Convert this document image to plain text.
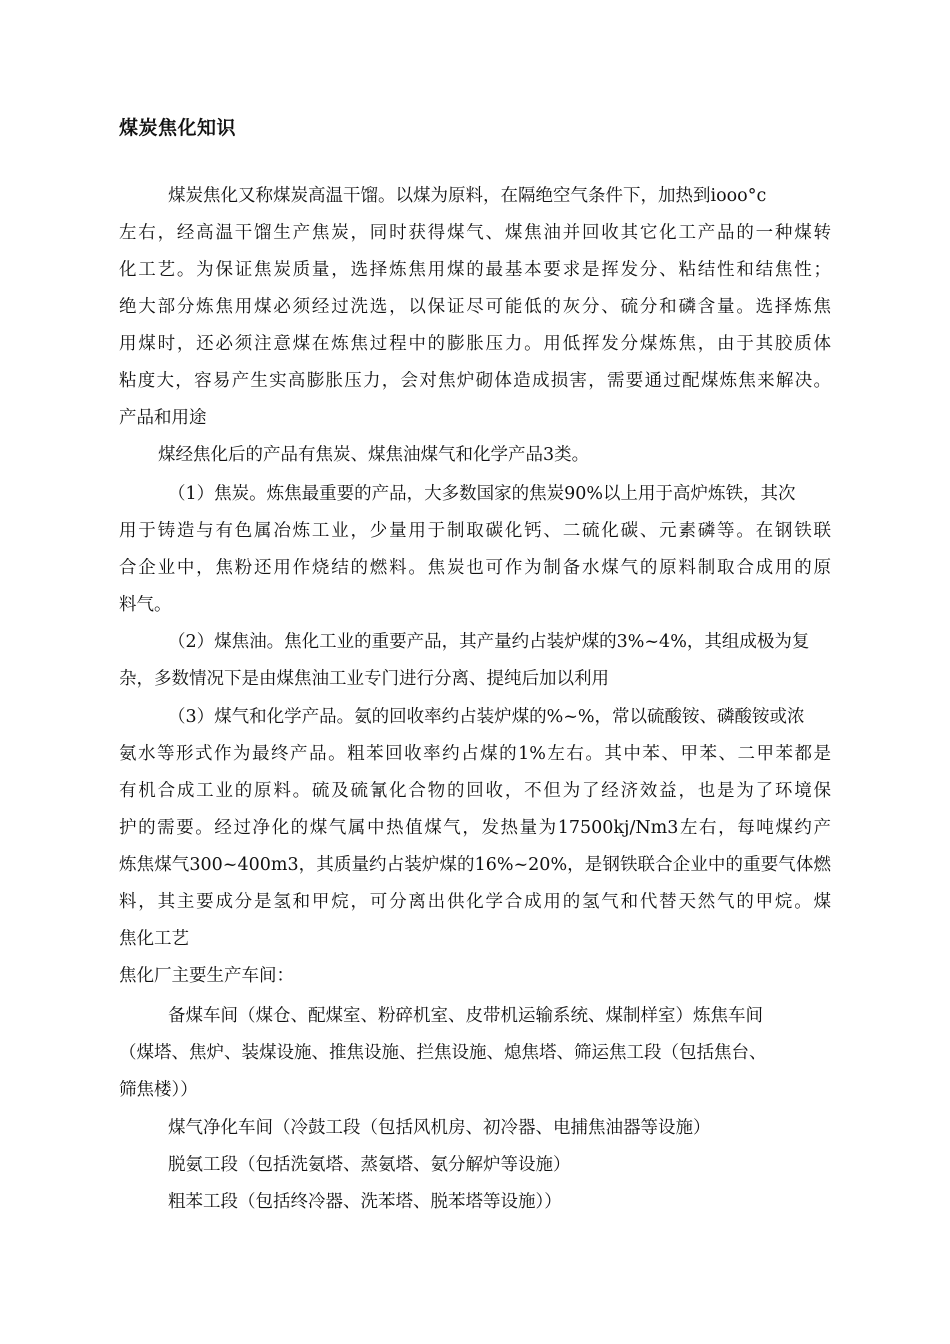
煤炭焦化知识
煤炭焦化又称煤炭高温干馏。以煤为原料，在隔绝空气条件下，加热到iooo°c
左右，经高温干馏生产焦炭，同时获得煤气、煤焦油并回收其它化工产品的一种煤转
化工艺。为保证焦炭质量，选择炼焦用煤的最基本要求是挥发分、粘结性和结焦性；
绝大部分炼焦用煤必须经过洗选，以保证尽可能低的灰分、硫分和磷含量。选择炼焦
用煤时，还必须注意煤在炼焦过程中的膨胀压力。用低挥发分煤炼焦，由于其胶质体
粘度大，容易产生实高膨胀压力，会对焦炉砌体造成损害，需要通过配煤炼焦来解决。
产品和用途
煤经焦化后的产品有焦炭、煤焦油煤气和化学产品3类。
（1）焦炭。炼焦最重要的产品，大多数国家的焦炭90%以上用于高炉炼铁，其次
用于铸造与有色属冶炼工业，少量用于制取碳化钙、二硫化碳、元素磷等。在钢铁联
合企业中，焦粉还用作烧结的燃料。焦炭也可作为制备水煤气的原料制取合成用的原
料气。
（2）煤焦油。焦化工业的重要产品，其产量约占装炉煤的3%~4%，其组成极为复
杂，多数情况下是由煤焦油工业专门进行分离、提纯后加以利用
（3）煤气和化学产品。氨的回收率约占装炉煤的%~%，常以硫酸铵、磷酸铵或浓
氨水等形式作为最终产品。粗苯回收率约占煤的1%左右。其中苯、甲苯、二甲苯都是
有机合成工业的原料。硫及硫氰化合物的回收，不但为了经济效益，也是为了环境保
护的需要。经过净化的煤气属中热值煤气，发热量为17500kj/Nm3左右，每吨煤约产
炼焦煤气300~400m3，其质量约占装炉煤的16%~20%，是钢铁联合企业中的重要气体燃
料，其主要成分是氢和甲烷，可分离出供化学合成用的氢气和代替天然气的甲烷。煤
焦化工艺
焦化厂主要生产车间：
备煤车间（煤仓、配煤室、粉碎机室、皮带机运输系统、煤制样室）炼焦车间
（煤塔、焦炉、装煤设施、推焦设施、拦焦设施、熄焦塔、筛运焦工段（包括焦台、
筛焦楼））
煤气净化车间（冷鼓工段（包括风机房、初冷器、电捕焦油器等设施）
脱氨工段（包括洗氨塔、蒸氨塔、氨分解炉等设施）
粗苯工段（包括终冷器、洗苯塔、脱苯塔等设施））
